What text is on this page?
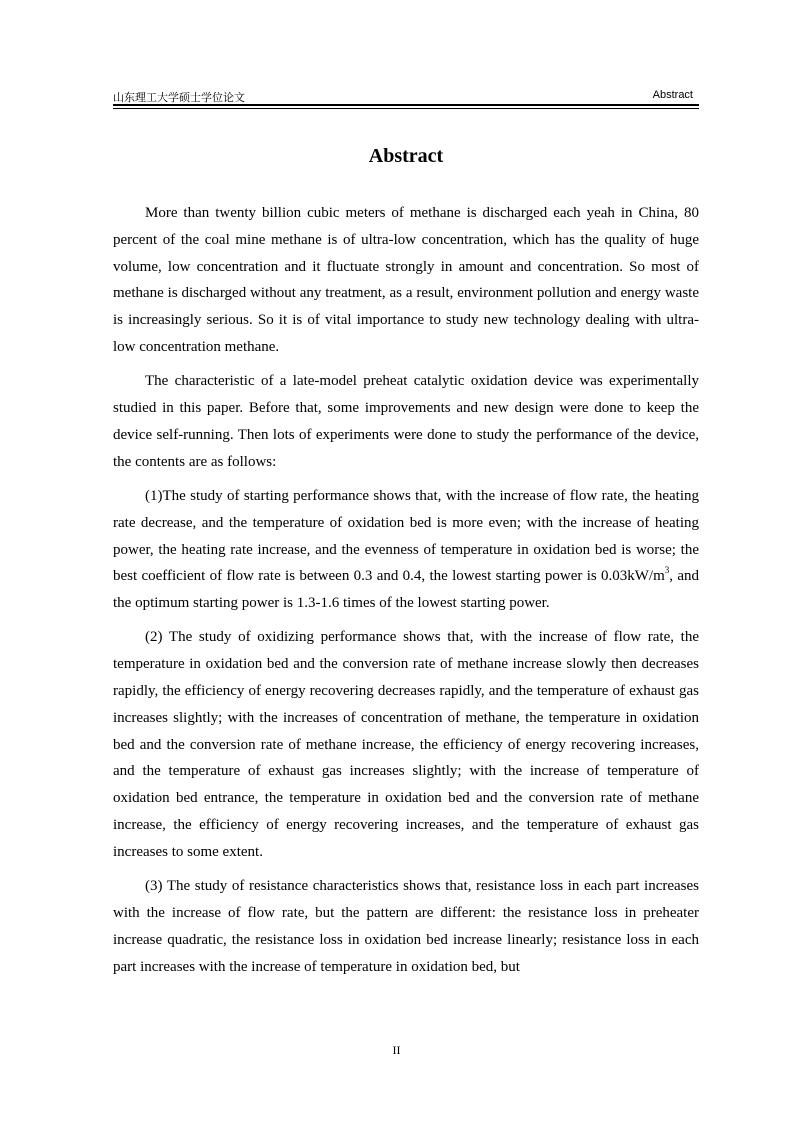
山东理工大学硕士学位论文	Abstract
Abstract

More than twenty billion cubic meters of methane is discharged each yeah in China, 80 percent of the coal mine methane is of ultra-low concentration, which has the quality of huge volume, low concentration and it fluctuate strongly in amount and concentration. So most of methane is discharged without any treatment, as a result, environment pollution and energy waste is increasingly serious. So it is of vital importance to study new technology dealing with ultra-low concentration methane.

The characteristic of a late-model preheat catalytic oxidation device was experimentally studied in this paper. Before that, some improvements and new design were done to keep the device self-running. Then lots of experiments were done to study the performance of the device, the contents are as follows:

(1)The study of starting performance shows that, with the increase of flow rate, the heating rate decrease, and the temperature of oxidation bed is more even; with the increase of heating power, the heating rate increase, and the evenness of temperature in oxidation bed is worse; the best coefficient of flow rate is between 0.3 and 0.4, the lowest starting power is $0.03kW/m^3$, and the optimum starting power is 1.3-1.6 times of the lowest starting power.

(2) The study of oxidizing performance shows that, with the increase of flow rate, the temperature in oxidation bed and the conversion rate of methane increase slowly then decreases rapidly, the efficiency of energy recovering decreases rapidly, and the temperature of exhaust gas increases slightly; with the increases of concentration of methane, the temperature in oxidation bed and the conversion rate of methane increase, the efficiency of energy recovering increases, and the temperature of exhaust gas increases slightly; with the increase of temperature of oxidation bed entrance, the temperature in oxidation bed and the conversion rate of methane increase, the efficiency of energy recovering increases, and the temperature of exhaust gas increases to some extent.

(3) The study of resistance characteristics shows that, resistance loss in each part increases with the increase of flow rate, but the pattern are different: the resistance loss in preheater increase quadratic, the resistance loss in oxidation bed increase linearly; resistance loss in each part increases with the increase of temperature in oxidation bed, but

II
